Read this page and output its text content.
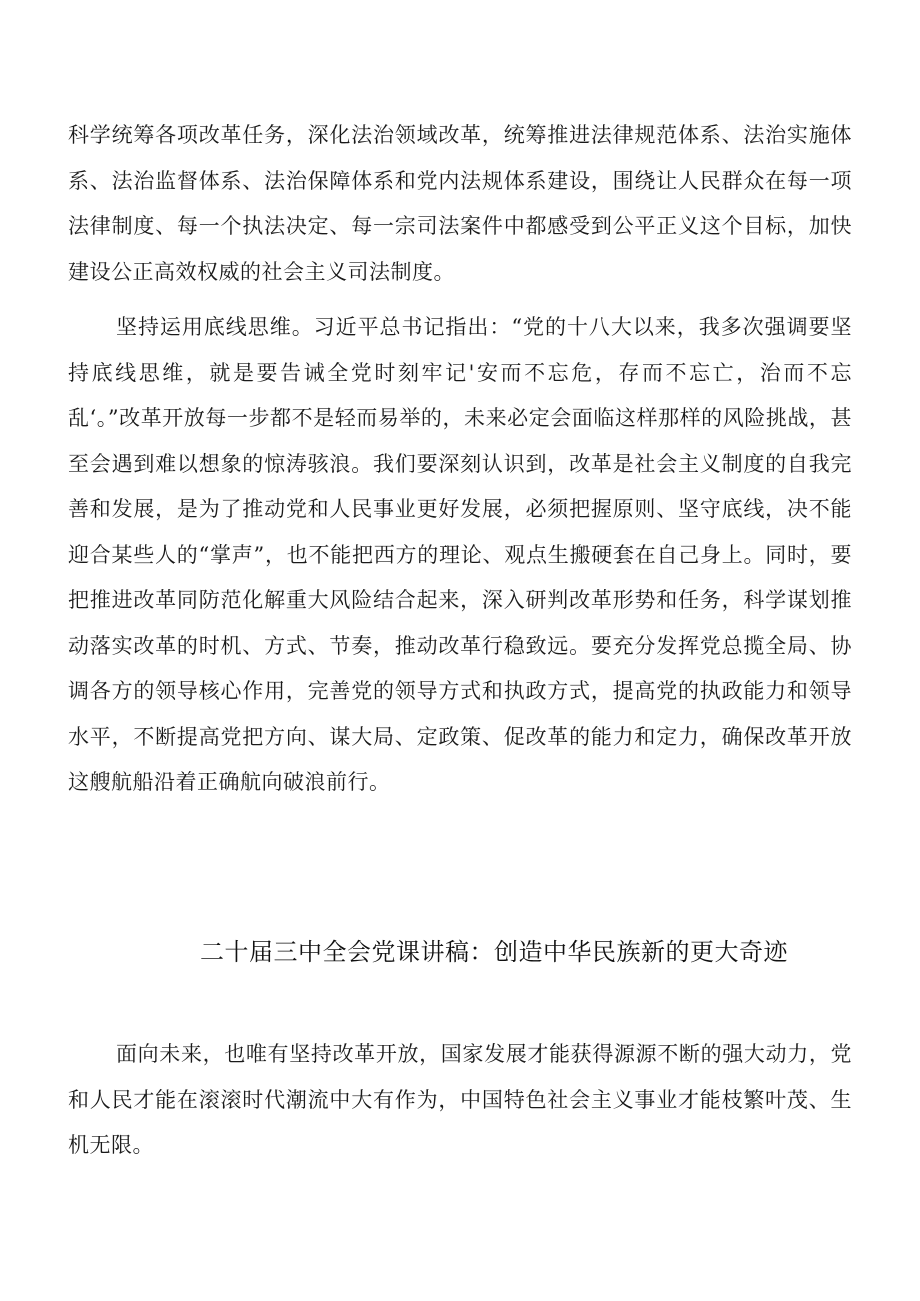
科学统筹各项改革任务，深化法治领域改革，统筹推进法律规范体系、法治实施体系、法治监督体系、法治保障体系和党内法规体系建设，围绕让人民群众在每一项法律制度、每一个执法决定、每一宗司法案件中都感受到公平正义这个目标，加快建设公正高效权威的社会主义司法制度。

坚持运用底线思维。习近平总书记指出：“党的十八大以来，我多次强调要坚持底线思维，就是要告诫全党时刻牢记'安而不忘危，存而不忘亡，治而不忘乱‘。”改革开放每一步都不是轻而易举的，未来必定会面临这样那样的风险挑战，甚至会遇到难以想象的惊涛骇浪。我们要深刻认识到，改革是社会主义制度的自我完善和发展，是为了推动党和人民事业更好发展，必须把握原则、坚守底线，决不能迎合某些人的“掌声”，也不能把西方的理论、观点生搬硬套在自己身上。同时，要把推进改革同防范化解重大风险结合起来，深入研判改革形势和任务，科学谋划推动落实改革的时机、方式、节奏，推动改革行稳致远。要充分发挥党总揽全局、协调各方的领导核心作用，完善党的领导方式和执政方式，提高党的执政能力和领导水平，不断提高党把方向、谋大局、定政策、促改革的能力和定力，确保改革开放这艘航船沿着正确航向破浪前行。

二十届三中全会党课讲稿：创造中华民族新的更大奇迹

面向未来，也唯有坚持改革开放，国家发展才能获得源源不断的强大动力，党和人民才能在滚滚时代潮流中大有作为，中国特色社会主义事业才能枝繁叶茂、生机无限。
